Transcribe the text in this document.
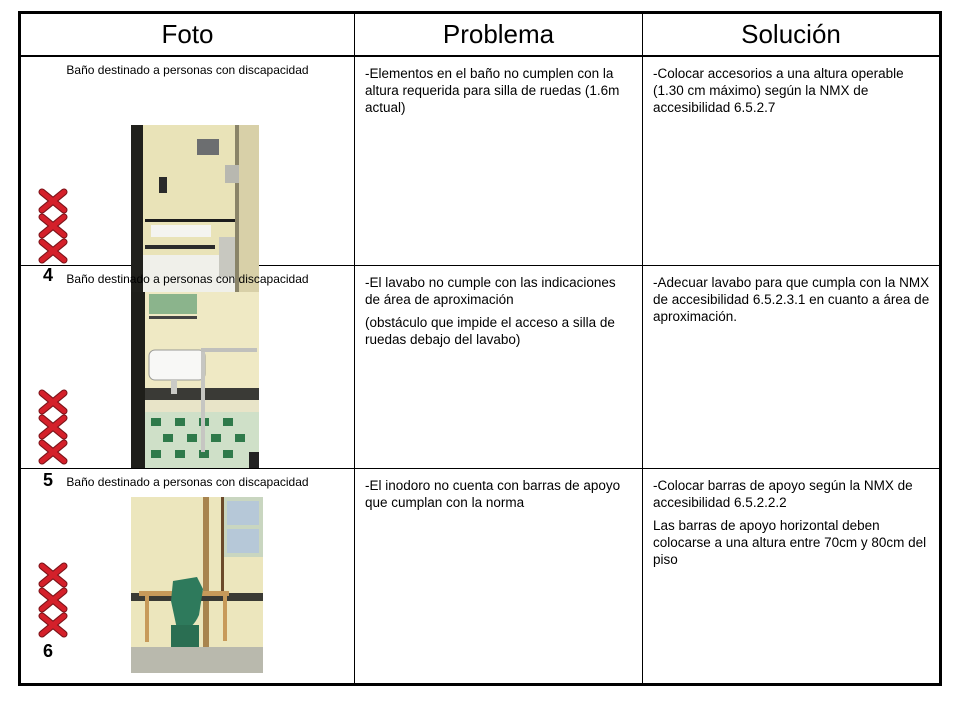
Foto	Problema	Solución
Baño destinado a personas con discapacidad
4

-Elementos en el baño no cumplen con la altura requerida para silla de ruedas (1.6m actual)

-Colocar accesorios a una altura operable (1.30 cm máximo) según la NMX de accesibilidad 6.5.2.7

Baño destinado a personas con discapacidad
5

-El lavabo no cumple con las indicaciones de área de aproximación

(obstáculo que impide el acceso a silla de ruedas debajo del lavabo)

-Adecuar lavabo para que cumpla con la NMX de accesibilidad 6.5.2.3.1 en cuanto a área de aproximación.

Baño destinado a personas con discapacidad
6

-El inodoro no cuenta con barras de apoyo que cumplan con la norma

-Colocar barras de apoyo según la NMX de accesibilidad 6.5.2.2.2

Las barras de apoyo horizontal deben colocarse a una altura entre 70cm y 80cm del piso
